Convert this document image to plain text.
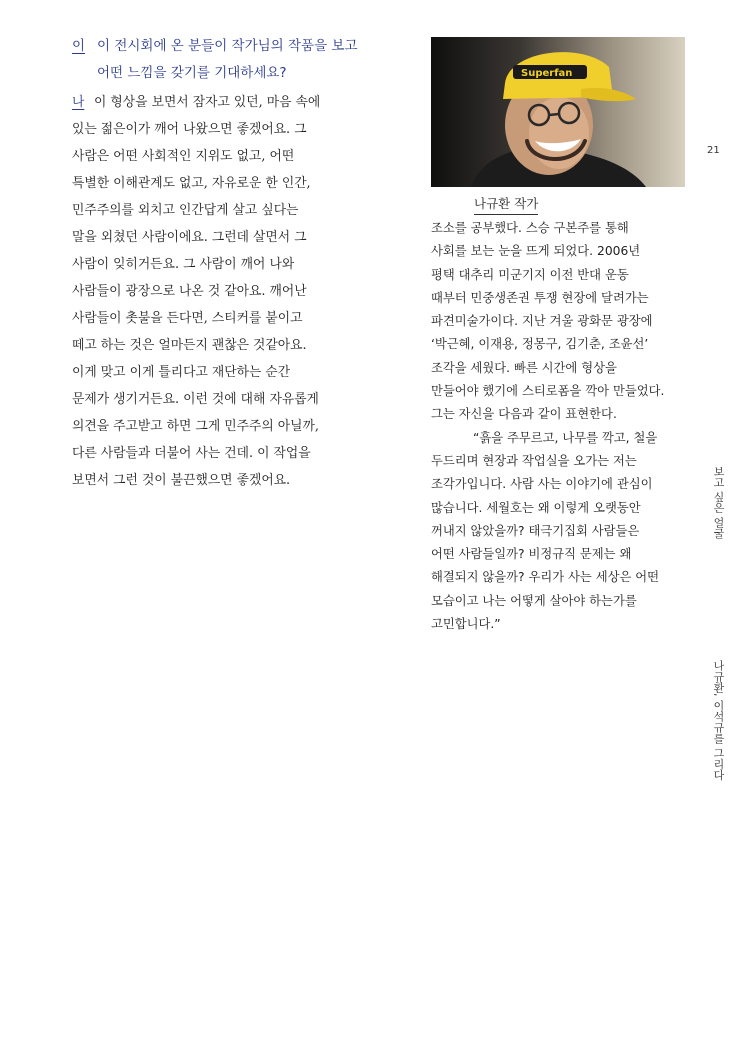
이 이 전시회에 온 분들이 작가님의 작품을 보고
어떤 느낌을 갖기를 기대하세요?
나 이 형상을 보면서 잠자고 있던, 마음 속에
있는 젊은이가 깨어 나왔으면 좋겠어요. 그
사람은 어떤 사회적인 지위도 없고, 어떤
특별한 이해관계도 없고, 자유로운 한 인간,
민주주의를 외치고 인간답게 살고 싶다는
말을 외쳤던 사람이에요. 그런데 살면서 그
사람이 잊히거든요. 그 사람이 깨어 나와
사람들이 광장으로 나온 것 같아요. 깨어난
사람들이 촛불을 든다면, 스티커를 붙이고
떼고 하는 것은 얼마든지 괜찮은 것같아요.
이게 맞고 이게 틀리다고 재단하는 순간
문제가 생기거든요. 이런 것에 대해 자유롭게
의견을 주고받고 하면 그게 민주주의 아닐까,
다른 사람들과 더불어 사는 건데. 이 작업을
보면서 그런 것이 불끈했으면 좋겠어요.
Superfan
나규환 작가
조소를 공부했다. 스승 구본주를 통해
사회를 보는 눈을 뜨게 되었다. 2006년
평택 대추리 미군기지 이전 반대 운동
때부터 민중생존권 투쟁 현장에 달려가는
파견미술가이다. 지난 겨울 광화문 광장에
‘박근혜, 이재용, 정몽구, 김기춘, 조윤선’
조각을 세웠다. 빠른 시간에 형상을
만들어야 했기에 스티로폼을 깍아 만들었다.
그는 자신을 다음과 같이 표현한다.
“흙을 주무르고, 나무를 깍고, 철을
두드리며 현장과 작업실을 오가는 저는
조각가입니다. 사람 사는 이야기에 관심이
많습니다. 세월호는 왜 이렇게 오랫동안
꺼내지 않았을까? 태극기집회 사람들은
어떤 사람들일까? 비정규직 문제는 왜
해결되지 않을까? 우리가 사는 세상은 어떤
모습이고 나는 어떻게 살아야 하는가를
고민합니다.”
21
보고 싶은 얼굴
나규환, 이석규를 그리다
